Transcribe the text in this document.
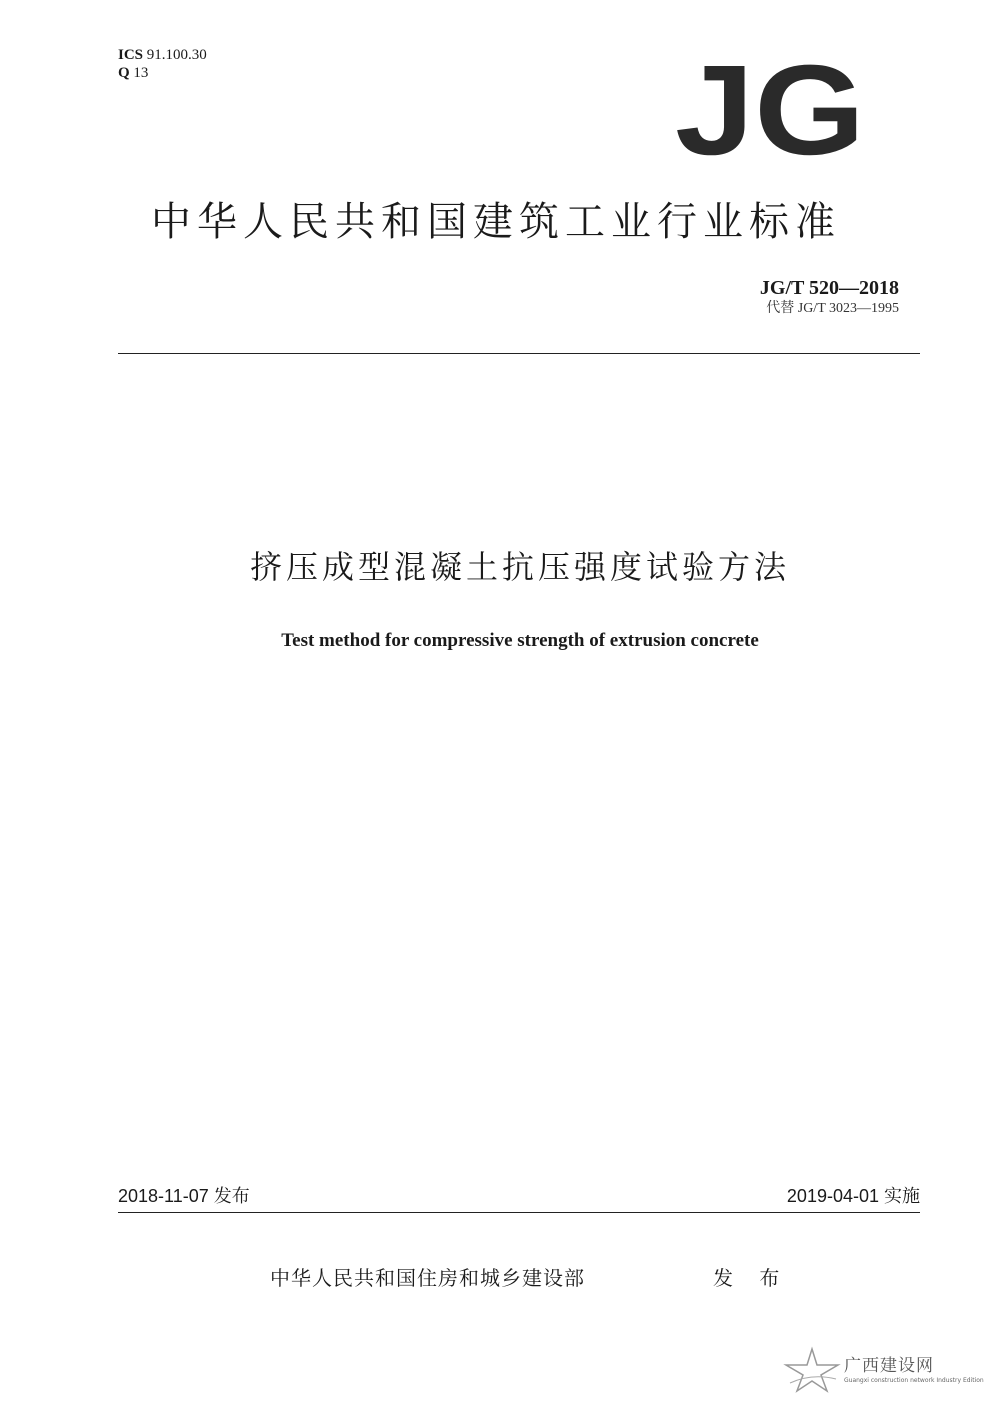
ICS 91.100.30
Q 13	JG
中华人民共和国建筑工业行业标准
JG/T 520—2018
代替 JG/T 3023—1995
挤压成型混凝土抗压强度试验方法
Test method for compressive strength of extrusion concrete
2018-11-07 发布	2019-04-01 实施
中华人民共和国住房和城乡建设部	发 布
广西建设网
Guangxi construction network Industry Edition
